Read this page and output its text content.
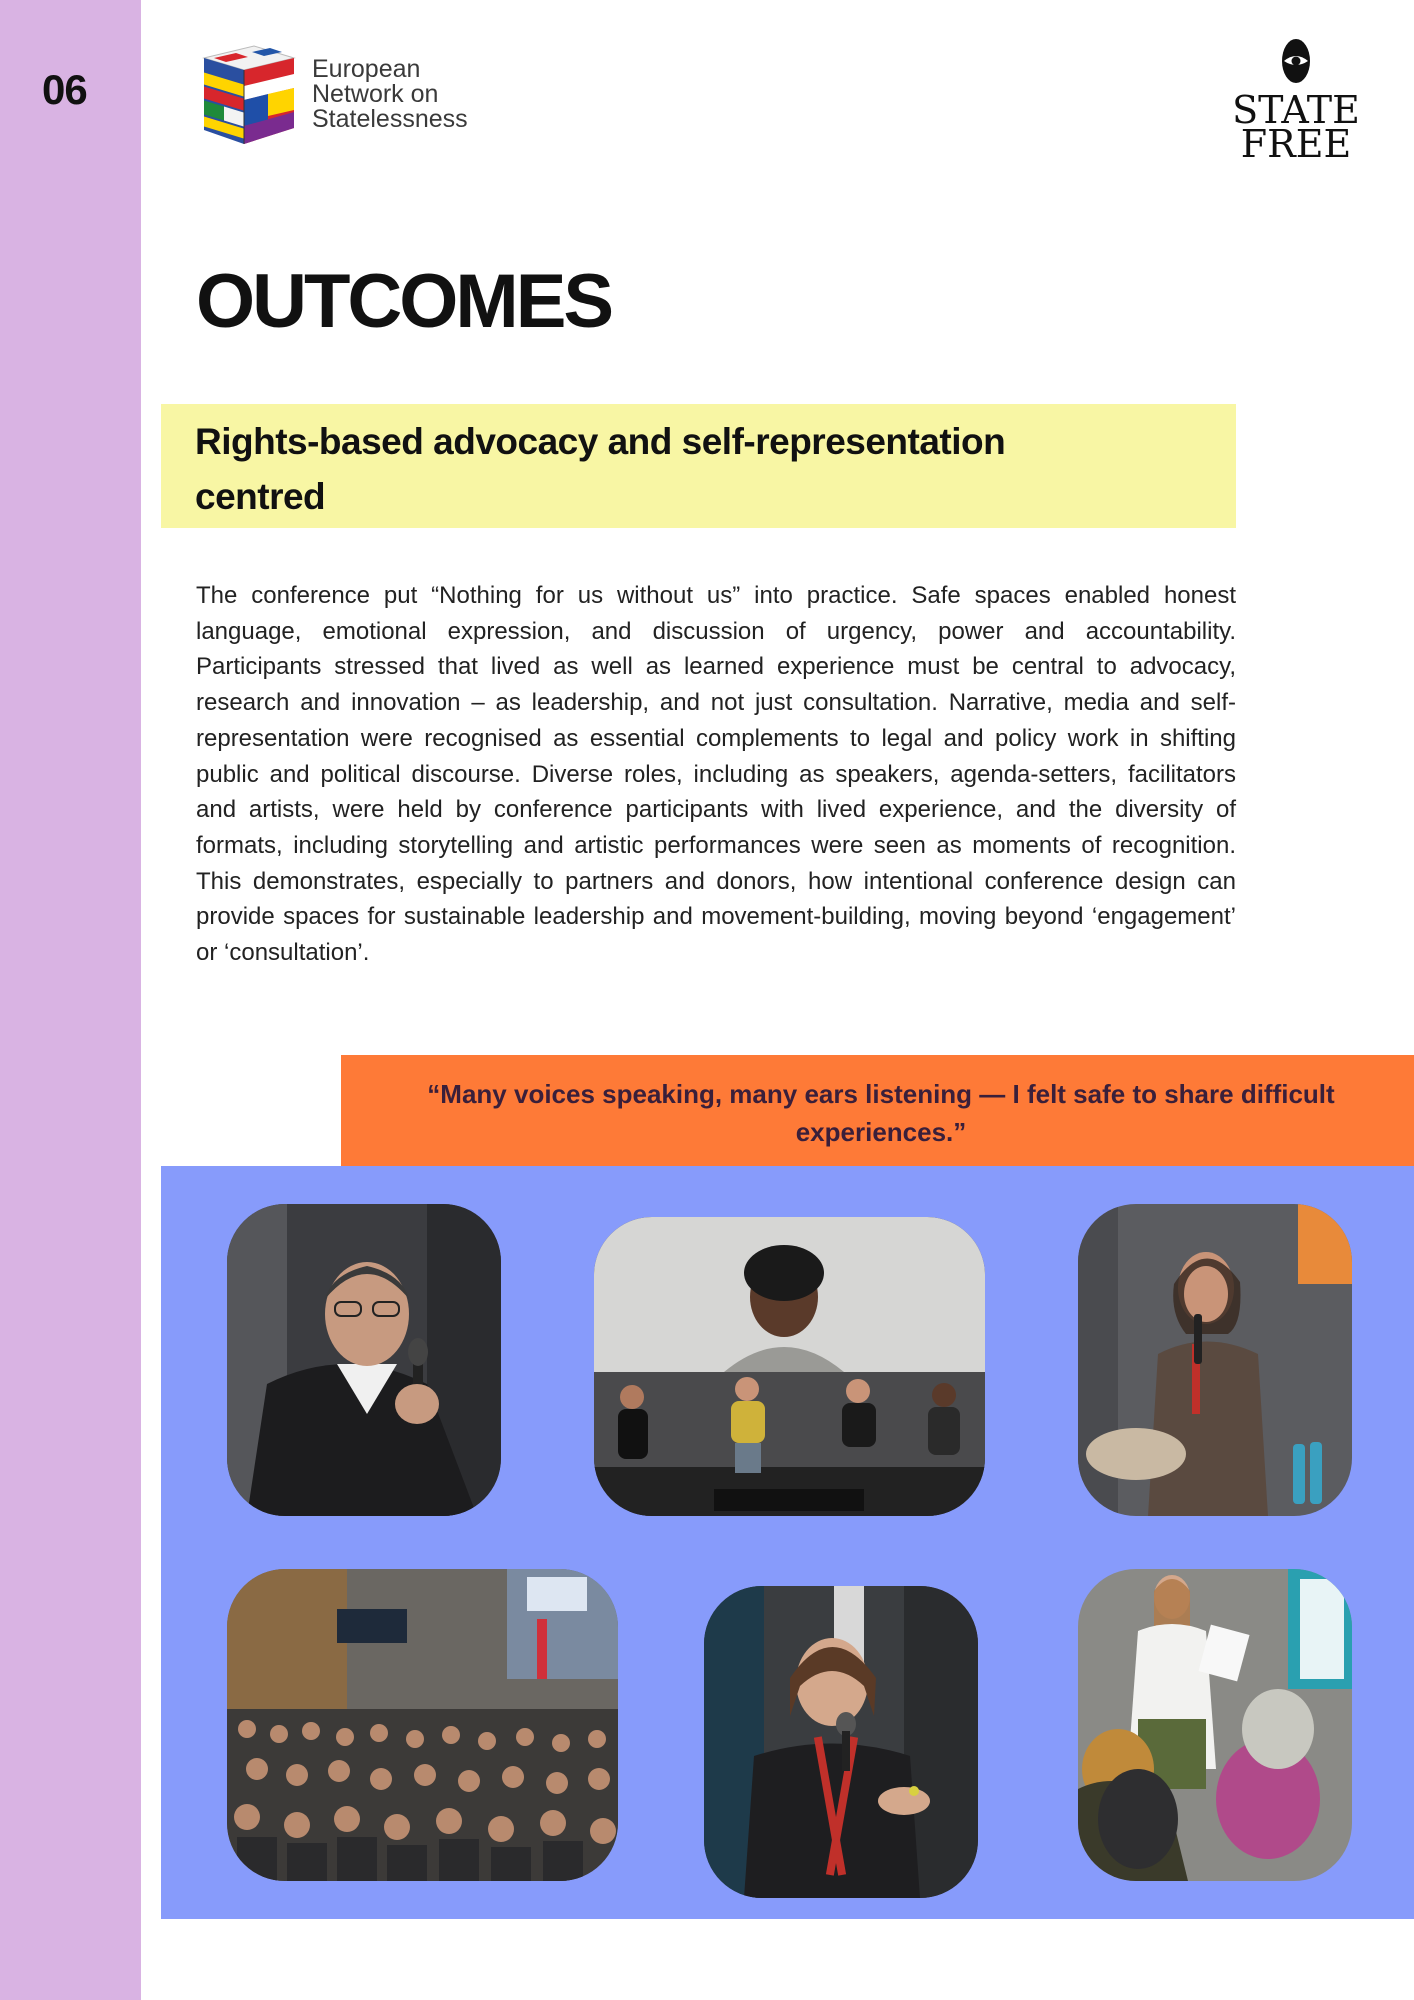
06	European
Network on
Statelessness	STATE
FREE
OUTCOMES
Rights-based advocacy and self-representation centred

The conference put “Nothing for us without us” into practice. Safe spaces enabled honest language, emotional expression, and discussion of urgency, power and accountability. Participants stressed that lived as well as learned experience must be central to advocacy, research and innovation – as leadership, and not just consultation. Narrative, media and self-representation were recognised as essential complements to legal and policy work in shifting public and political discourse. Diverse roles, including as speakers, agenda-setters, facilitators and artists, were held by conference participants with lived experience, and the diversity of formats, including storytelling and artistic performances were seen as moments of recognition. This demonstrates, especially to partners and donors, how intentional conference design can provide spaces for sustainable leadership and movement-building, moving beyond ‘engagement’ or ‘consultation’.

“Many voices speaking, many ears listening — I felt safe to share difficult experiences.”
